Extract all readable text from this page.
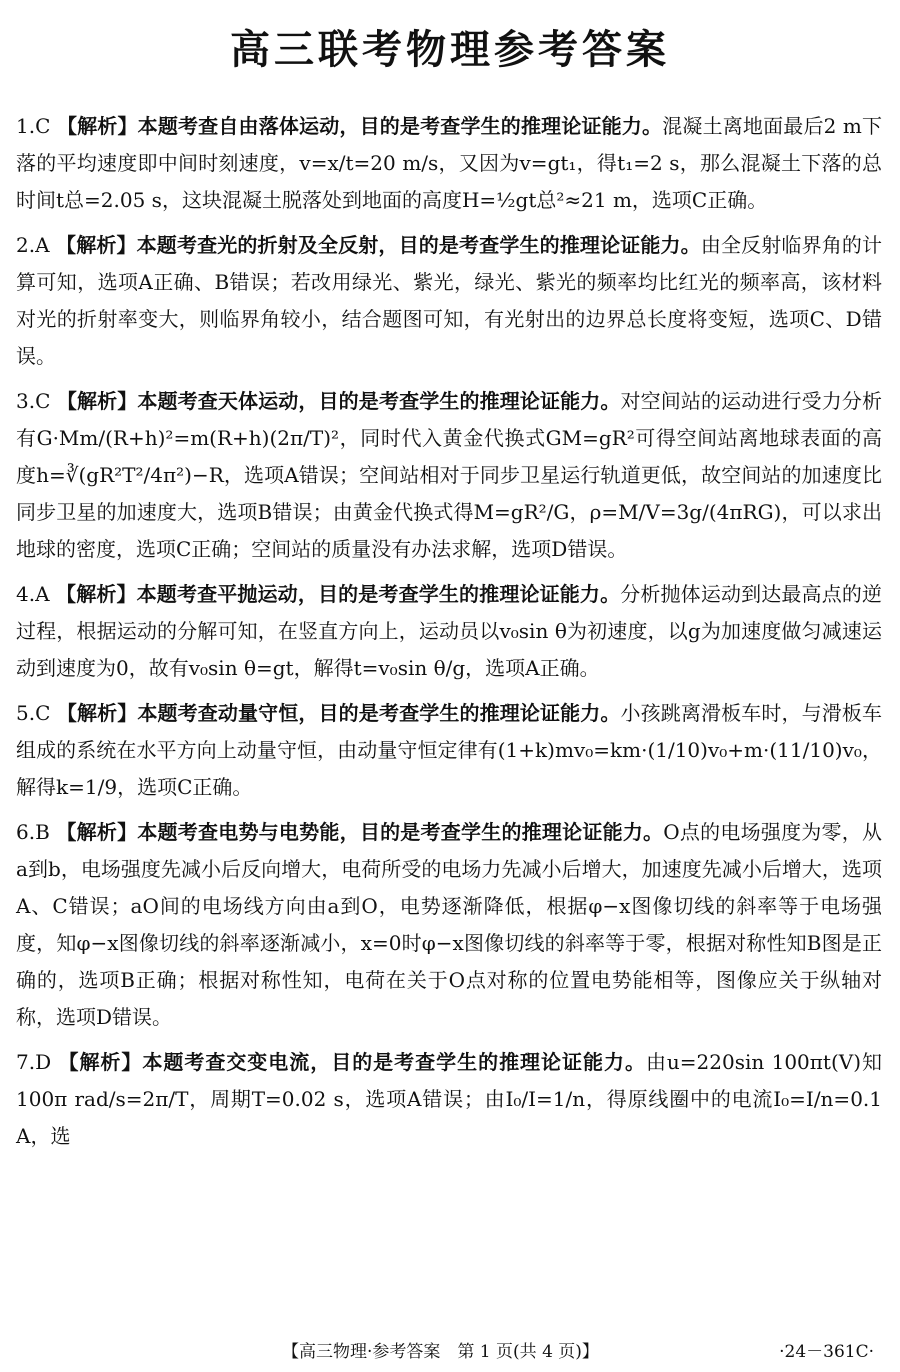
高三联考物理参考答案
1.C 【解析】本题考查自由落体运动，目的是考查学生的推理论证能力。混凝土离地面最后2 m下落的平均速度即中间时刻速度，v=x/t=20 m/s，又因为v=gt₁，得t₁=2 s，那么混凝土下落的总时间t总=2.05 s，这块混凝土脱落处到地面的高度H=½gt总²≈21 m，选项C正确。
2.A 【解析】本题考查光的折射及全反射，目的是考查学生的推理论证能力。由全反射临界角的计算可知，选项A正确、B错误；若改用绿光、紫光，绿光、紫光的频率均比红光的频率高，该材料对光的折射率变大，则临界角较小，结合题图可知，有光射出的边界总长度将变短，选项C、D错误。
3.C 【解析】本题考查天体运动，目的是考查学生的推理论证能力。对空间站的运动进行受力分析有G·Mm/(R+h)²=m(R+h)(2π/T)²，同时代入黄金代换式GM=gR²可得空间站离地球表面的高度h=∛(gR²T²/4π²)−R，选项A错误；空间站相对于同步卫星运行轨道更低，故空间站的加速度比同步卫星的加速度大，选项B错误；由黄金代换式得M=gR²/G，ρ=M/V=3g/(4πRG)，可以求出地球的密度，选项C正确；空间站的质量没有办法求解，选项D错误。
4.A 【解析】本题考查平抛运动，目的是考查学生的推理论证能力。分析抛体运动到达最高点的逆过程，根据运动的分解可知，在竖直方向上，运动员以v₀sin θ为初速度，以g为加速度做匀减速运动到速度为0，故有v₀sin θ=gt，解得t=v₀sin θ/g，选项A正确。
5.C 【解析】本题考查动量守恒，目的是考查学生的推理论证能力。小孩跳离滑板车时，与滑板车组成的系统在水平方向上动量守恒，由动量守恒定律有(1+k)mv₀=km·(1/10)v₀+m·(11/10)v₀，解得k=1/9，选项C正确。
6.B 【解析】本题考查电势与电势能，目的是考查学生的推理论证能力。O点的电场强度为零，从a到b，电场强度先减小后反向增大，电荷所受的电场力先减小后增大，加速度先减小后增大，选项A、C错误；aO间的电场线方向由a到O，电势逐渐降低，根据φ−x图像切线的斜率等于电场强度，知φ−x图像切线的斜率逐渐减小，x=0时φ−x图像切线的斜率等于零，根据对称性知B图是正确的，选项B正确；根据对称性知，电荷在关于O点对称的位置电势能相等，图像应关于纵轴对称，选项D错误。
7.D 【解析】本题考查交变电流，目的是考查学生的推理论证能力。由u=220sin 100πt(V)知100π rad/s=2π/T，周期T=0.02 s，选项A错误；由I₀/I=1/n，得原线圈中的电流I₀=I/n=0.1 A，选
【高三物理·参考答案　第 1 页(共 4 页)】	·24－361C·
